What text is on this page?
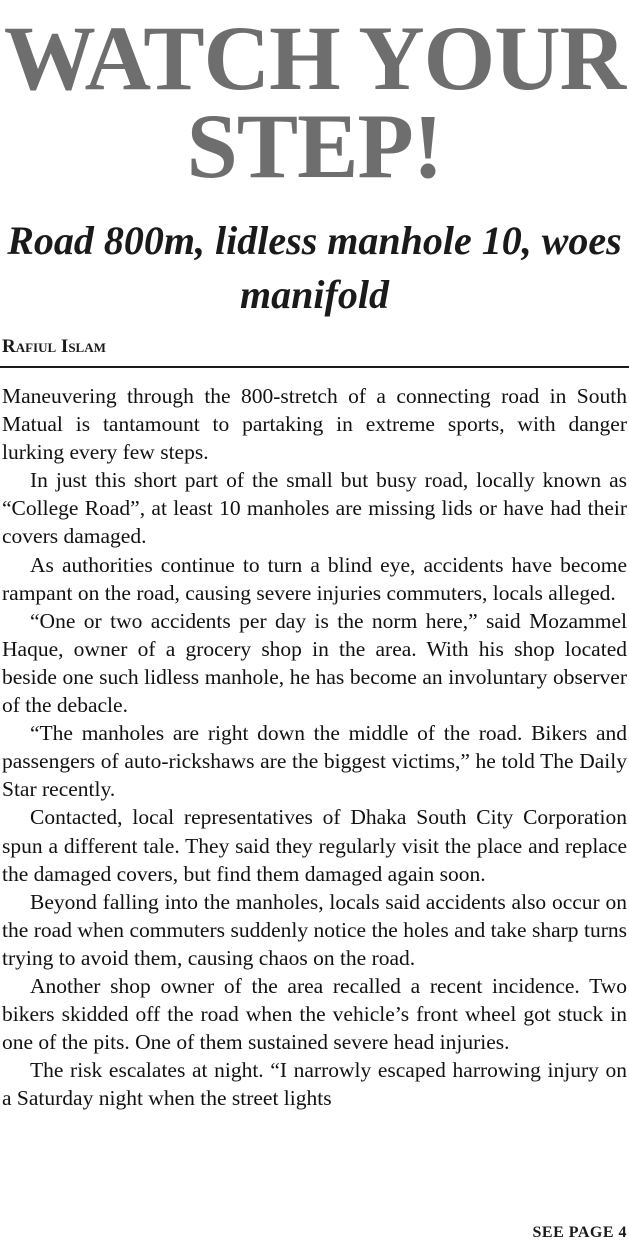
WATCH YOUR STEP!
Road 800m, lidless manhole 10, woes manifold
Rafiul Islam

Maneuvering through the 800-stretch of a connecting road in South Matual is tantamount to partaking in extreme sports, with danger lurking every few steps.

In just this short part of the small but busy road, locally known as “College Road”, at least 10 manholes are missing lids or have had their covers damaged.

As authorities continue to turn a blind eye, accidents have become rampant on the road, causing severe injuries commuters, locals alleged.

“One or two accidents per day is the norm here,” said Mozammel Haque, owner of a grocery shop in the area. With his shop located beside one such lidless manhole, he has become an involuntary observer of the debacle.

“The manholes are right down the middle of the road. Bikers and passengers of auto-rickshaws are the biggest victims,” he told The Daily Star recently.

Contacted, local representatives of Dhaka South City Corporation spun a different tale. They said they regularly visit the place and replace the damaged covers, but find them damaged again soon.

Beyond falling into the manholes, locals said accidents also occur on the road when commuters suddenly notice the holes and take sharp turns trying to avoid them, causing chaos on the road.

Another shop owner of the area recalled a recent incidence. Two bikers skidded off the road when the vehicle’s front wheel got stuck in one of the pits. One of them sustained severe head injuries.

The risk escalates at night. “I narrowly escaped harrowing injury on a Saturday night when the street lights

SEE PAGE 4
